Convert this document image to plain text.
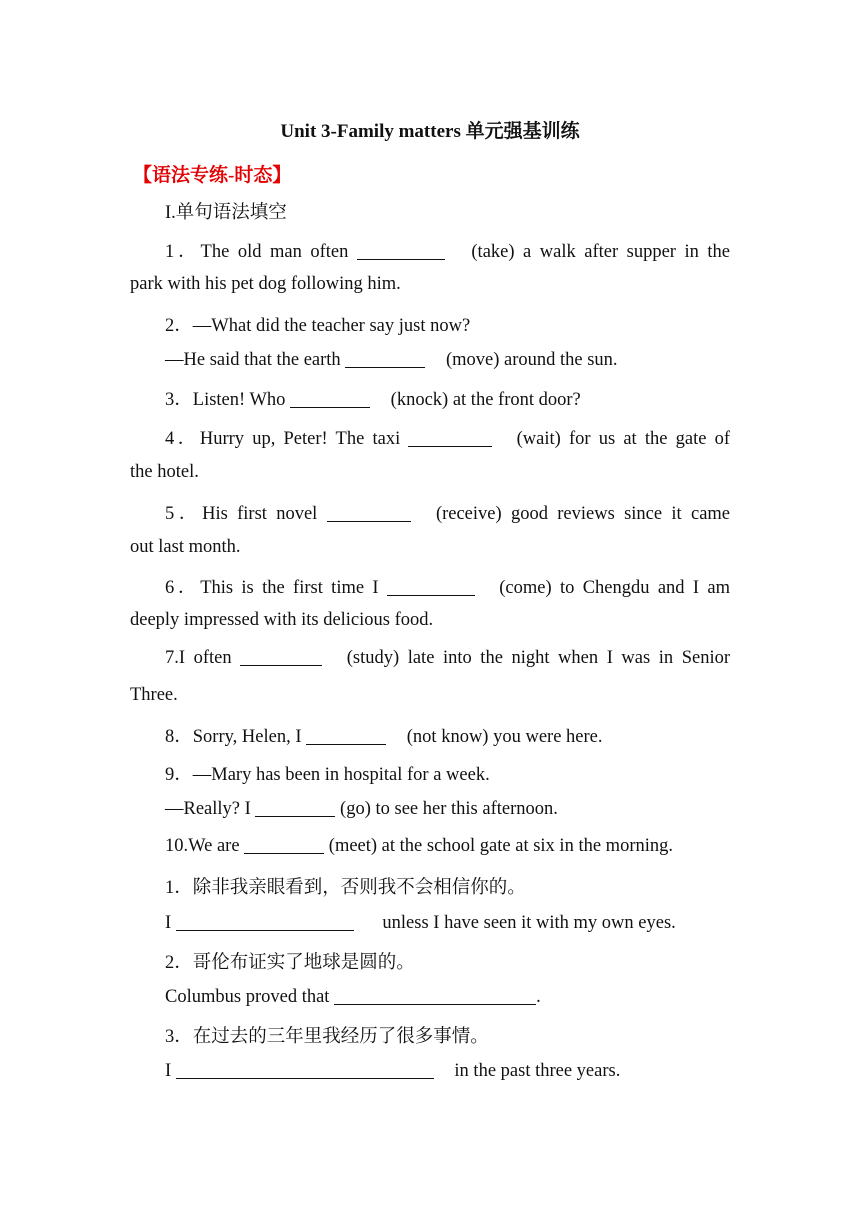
Unit 3-Family matters 单元强基训练
【语法专练-时态】
I.单句语法填空
1．The old man often	(take) a walk after supper in the
park with his pet dog following him.
2．—What did the teacher say just now?
—He said that the earth	(move) around the sun.
3．Listen! Who	(knock) at the front door?
4．Hurry up, Peter! The taxi	(wait) for us at the gate of
the hotel.
5．His first novel	(receive) good reviews since it came
out last month.
6．This is the first time I	(come) to Chengdu and I am
deeply impressed with its delicious food.
7.I often	(study) late into the night when I was in Senior
Three.
8．Sorry, Helen, I	(not know) you were here.
9．—Mary has been in hospital for a week.
—Really? I	(go) to see her this afternoon.
10.We are	(meet) at the school gate at six in the morning.
1．除非我亲眼看到，否则我不会相信你的。
I	unless I have seen it with my own eyes.
2．哥伦布证实了地球是圆的。
Columbus proved that	.
3．在过去的三年里我经历了很多事情。
I	in the past three years.
